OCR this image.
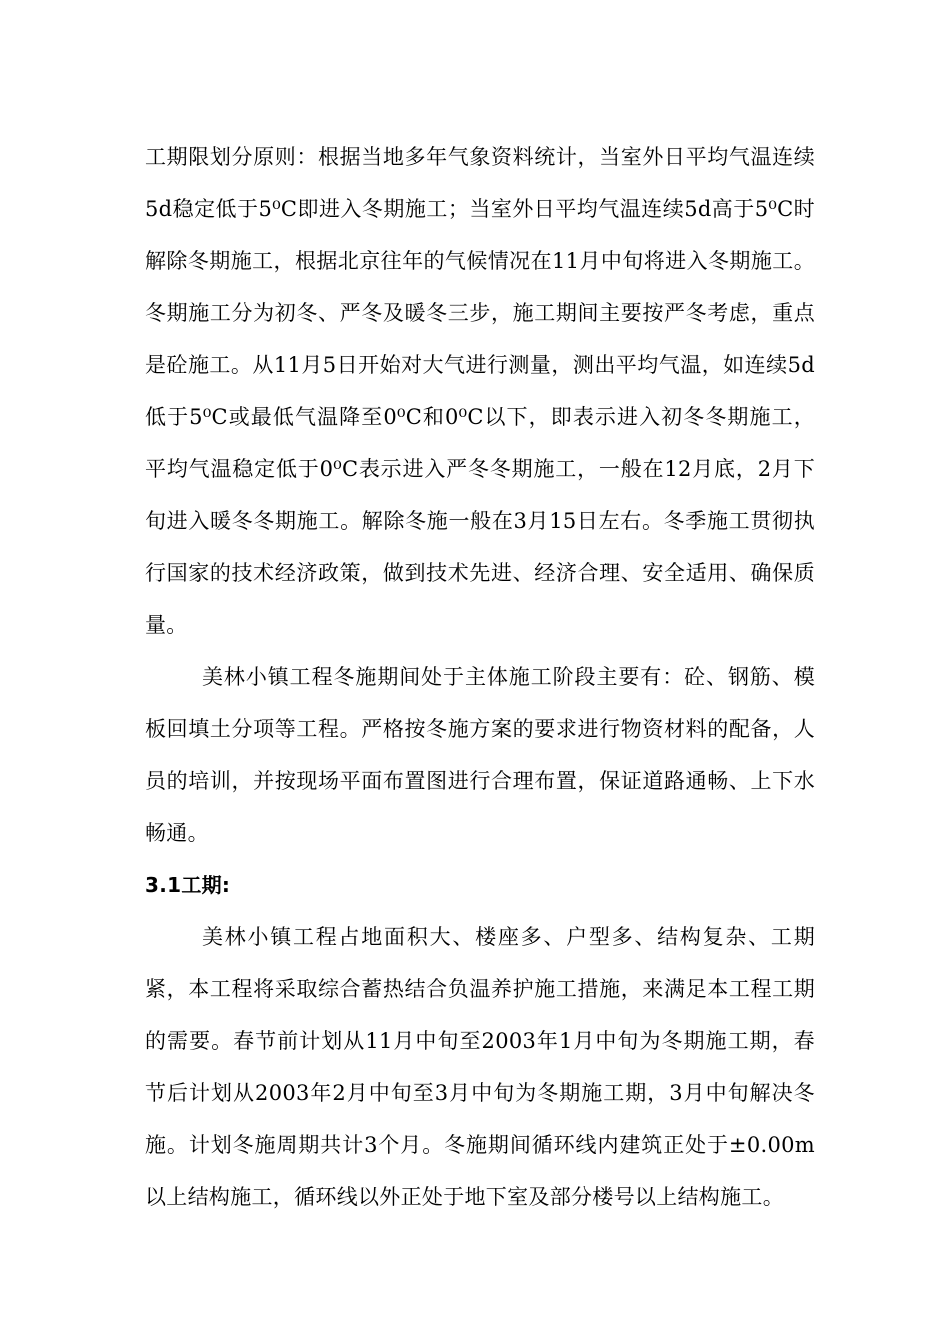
工期限划分原则：根据当地多年气象资料统计，当室外日平均气温连续5d稳定低于5⁰C即进入冬期施工；当室外日平均气温连续5d高于5⁰C时解除冬期施工，根据北京往年的气候情况在11月中旬将进入冬期施工。冬期施工分为初冬、严冬及暖冬三步，施工期间主要按严冬考虑，重点是砼施工。从11月5日开始对大气进行测量，测出平均气温，如连续5d低于5⁰C或最低气温降至0⁰C和0⁰C以下，即表示进入初冬冬期施工，平均气温稳定低于0⁰C表示进入严冬冬期施工，一般在12月底，2月下旬进入暖冬冬期施工。解除冬施一般在3月15日左右。冬季施工贯彻执行国家的技术经济政策，做到技术先进、经济合理、安全适用、确保质量。

美林小镇工程冬施期间处于主体施工阶段主要有：砼、钢筋、模板回填土分项等工程。严格按冬施方案的要求进行物资材料的配备，人员的培训，并按现场平面布置图进行合理布置，保证道路通畅、上下水畅通。

3.1工期:

美林小镇工程占地面积大、楼座多、户型多、结构复杂、工期紧，本工程将采取综合蓄热结合负温养护施工措施，来满足本工程工期的需要。春节前计划从11月中旬至2003年1月中旬为冬期施工期，春节后计划从2003年2月中旬至3月中旬为冬期施工期，3月中旬解决冬施。计划冬施周期共计3个月。冬施期间循环线内建筑正处于±0.00m 以上结构施工，循环线以外正处于地下室及部分楼号以上结构施工。
